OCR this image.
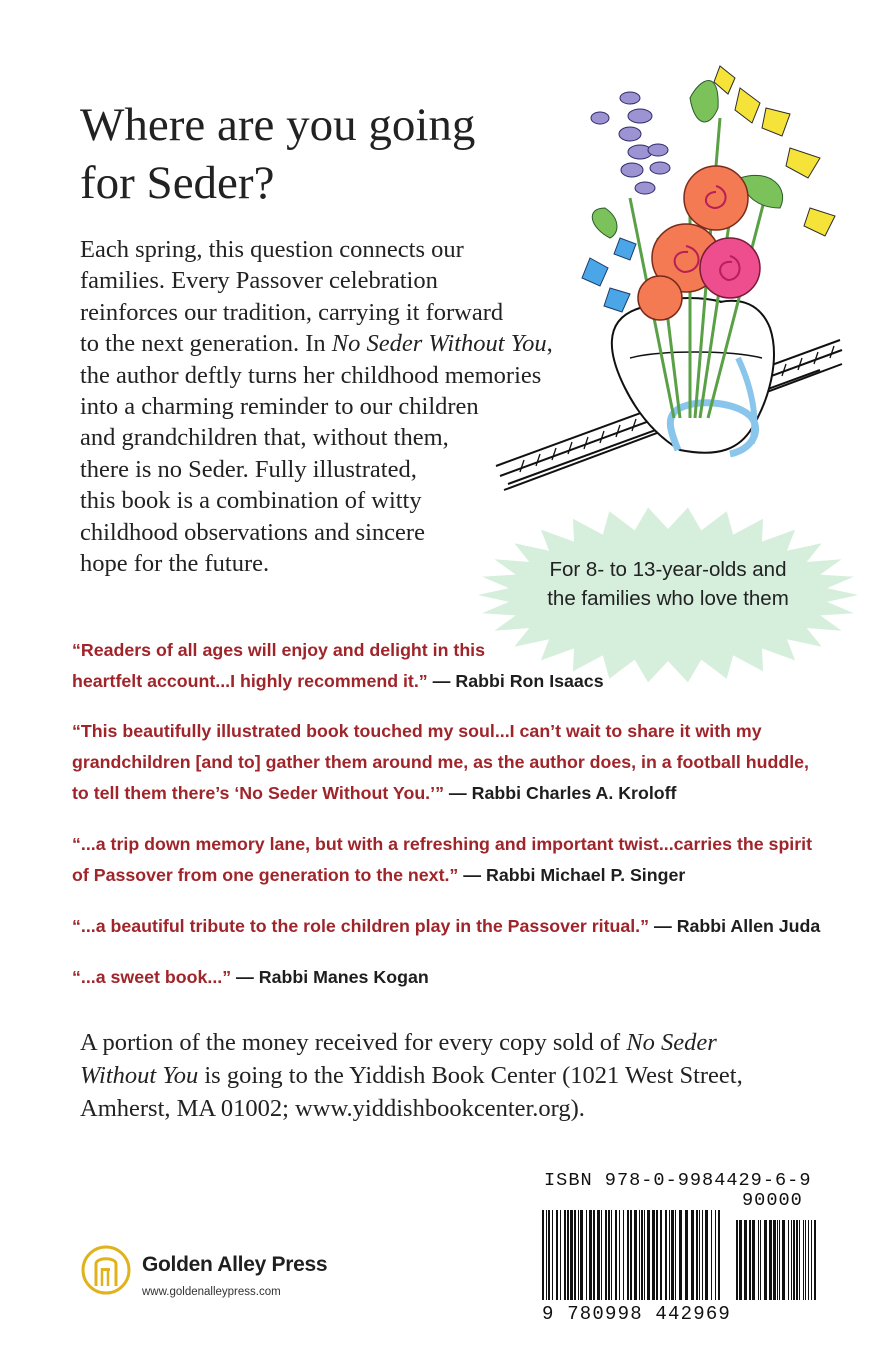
Where are you going
for Seder?

Each spring, this question connects our
families. Every Passover celebration
reinforces our tradition, carrying it forward
to the next generation. In No Seder Without You,
the author deftly turns her childhood memories
into a charming reminder to our children
and grandchildren that, without them,
there is no Seder. Fully illustrated,
this book is a combination of witty
childhood observations and sincere
hope for the future.	For 8- to 13-year-olds and
the families who love them
“Readers of all ages will enjoy and delight in this
heartfelt account...I highly recommend it.” — Rabbi Ron Isaacs
“This beautifully illustrated book touched my soul...I can’t wait to share it with my
grandchildren [and to] gather them around me, as the author does, in a football huddle,
to tell them there’s ‘No Seder Without You.’” — Rabbi Charles A. Kroloff
“...a trip down memory lane, but with a refreshing and important twist...carries the spirit
of Passover from one generation to the next.” — Rabbi Michael P. Singer
“...a beautiful tribute to the role children play in the Passover ritual.” — Rabbi Allen Juda
“...a sweet book...” — Rabbi Manes Kogan

A portion of the money received for every copy sold of No Seder
Without You is going to the Yiddish Book Center (1021 West Street,
Amherst, MA 01002; www.yiddishbookcenter.org).

Golden Alley Press
www.goldenalleypress.com
ISBN 978-0-9984429-6-9
90000
9 780998 442969
